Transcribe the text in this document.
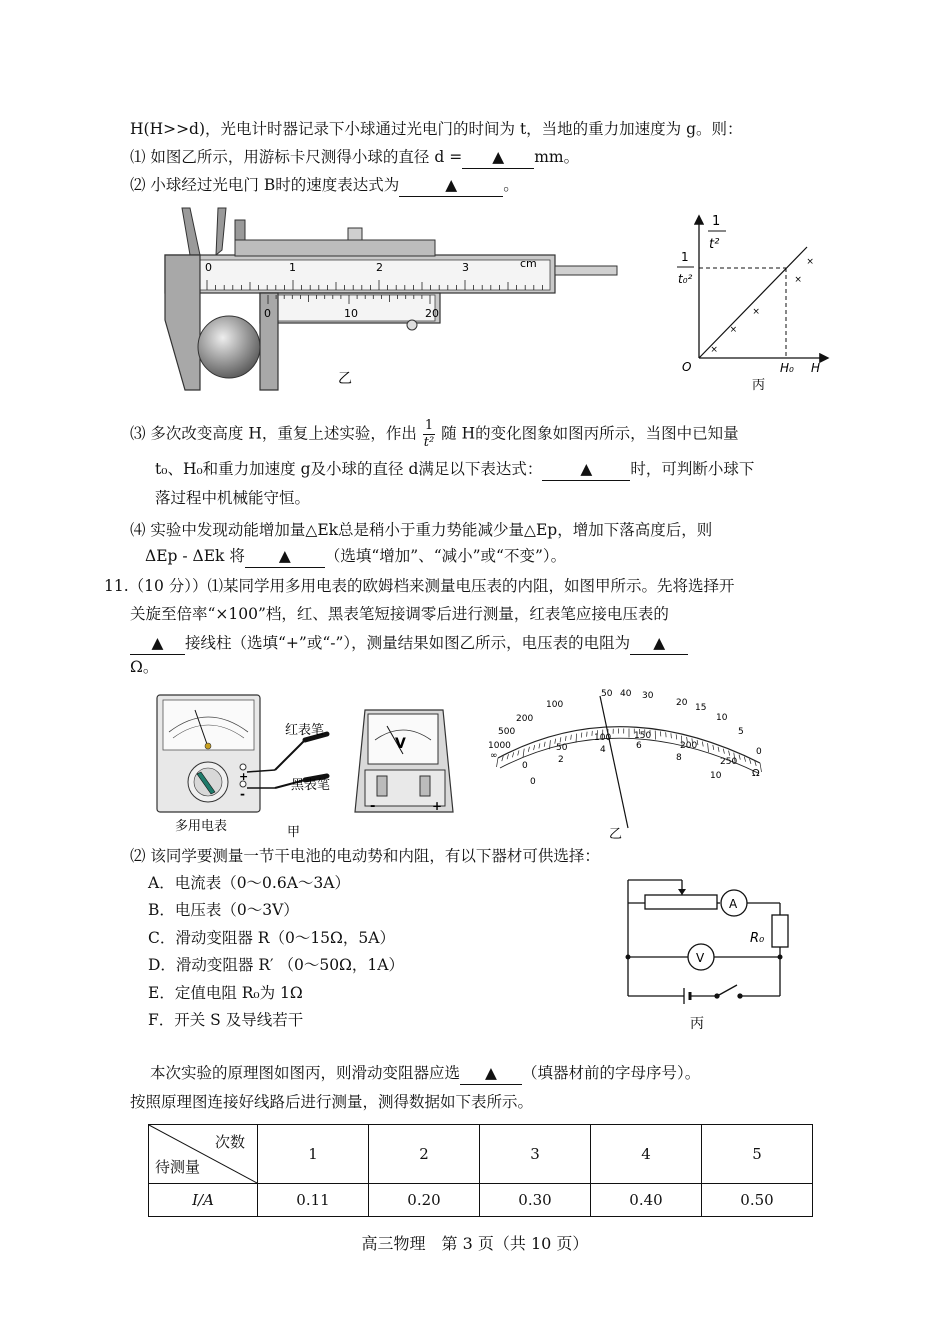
H(H>>d)，光电计时器记录下小球通过光电门的时间为 t，当地的重力加速度为 g。则：
⑴ 如图乙所示，用游标卡尺测得小球的直径 d = ▲ mm。
⑵ 小球经过光电门 B时的速度表达式为	▲	。
0	1	2	3	cm
0	10	20
乙
×
×
×
×
×
1
t²
1
t₀²
O	H₀ H
丙
⑶ 多次改变高度 H，重复上述实验，作出 $\frac{1}{\text{t²}}$ 随 H的变化图象如图丙所示，当图中已知量
t₀、H₀和重力加速度 g及小球的直径 d满足以下表达式： ▲ 时，可判断小球下
落过程中机械能守恒。
⑷ 实验中发现动能增加量△Ek总是稍小于重力势能减少量△Ep，增加下落高度后，则
ΔEp - ΔEk 将 ▲ （选填“增加”、“减小”或“不变”）。
11.（10 分））⑴某同学用多用电表的欧姆档来测量电压表的内阻，如图甲所示。先将选择开
关旋至倍率“×100”档，红、黑表笔短接调零后进行测量，红表笔应接电压表的
▲ 接线柱（选填“+”或“-”），测量结果如图乙所示，电压表的电阻为 ▲
Ω。
+
-
红表笔
黑表笔
多用电表	甲
V
-	+
0
5
10
15
20
30
40
50
100
200
500
1000
∞
0
50
100	150
200
250
0
2
4	6
8
10	Ω
乙
⑵ 该同学要测量一节干电池的电动势和内阻，有以下器材可供选择：
A．电流表（0～0.6A～3A）
B．电压表（0～3V）
C．滑动变阻器 R（0～15Ω，5A）
D．滑动变阻器 R′ （0～50Ω，1A）
E．定值电阻 R₀为 1Ω
F．开关 S 及导线若干
A
V
R₀
丙
本次实验的原理图如图丙，则滑动变阻器应选 ▲ （填器材前的字母序号）。
按照原理图连接好线路后进行测量，测得数据如下表所示。
次数
待测量	1	2	3	4	5
I/A	0.11	0.20	0.30	0.40	0.50
高三物理　第 3 页（共 10 页）
